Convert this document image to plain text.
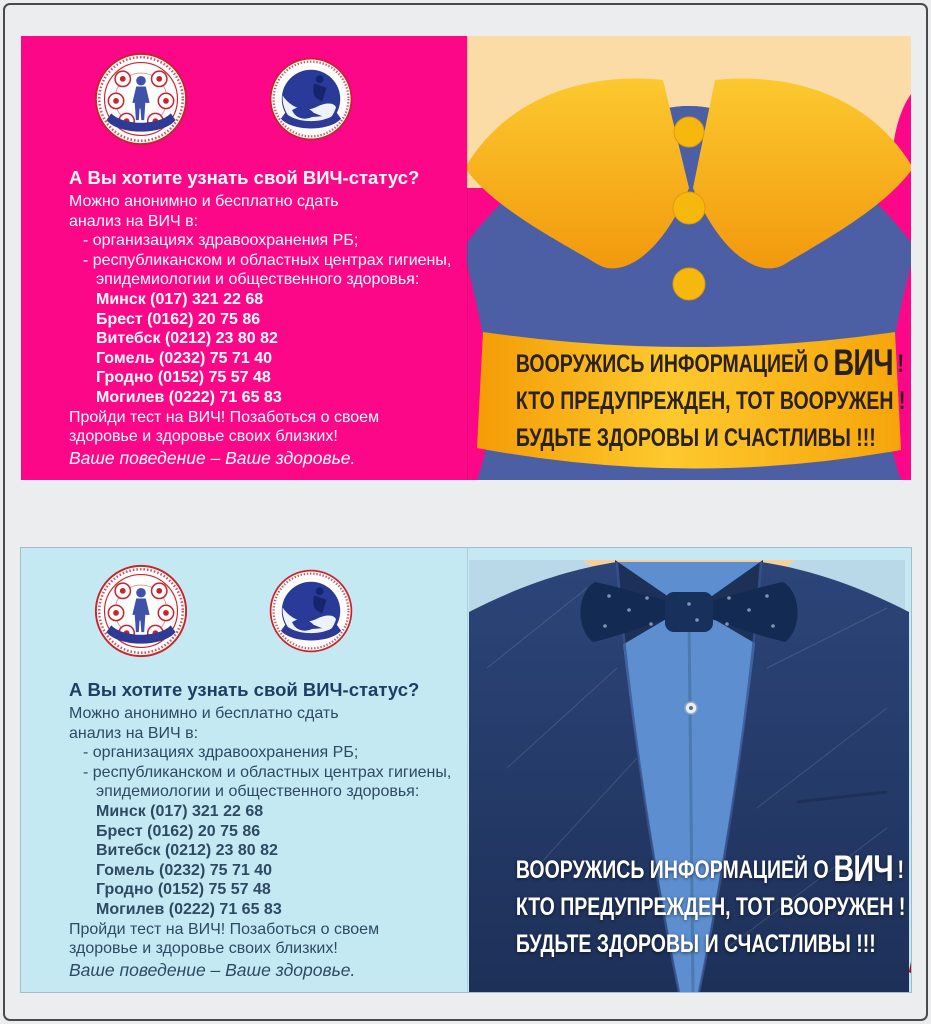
А Вы хотите узнать свой ВИЧ-статус?
Можно анонимно и бесплатно сдать
анализ на ВИЧ в:
- организациях здравоохранения РБ;
- республиканском и областных центрах гигиены,
эпидемиологии и общественного здоровья:
Минск (017) 321 22 68
Брест (0162) 20 75 86
Витебск (0212) 23 80 82
Гомель (0232) 75 71 40
Гродно (0152) 75 57 48
Могилев (0222) 71 65 83
Пройди тест на ВИЧ! Позаботься о своем
здоровье и здоровье своих близких!
Ваше поведение – Ваше здоровье.
ВООРУЖИСЬ ИНФОРМАЦИЕЙ О ВИЧ !
КТО ПРЕДУПРЕЖДЕН, ТОТ ВООРУЖЕН !
БУДЬТЕ ЗДОРОВЫ И СЧАСТЛИВЫ !!!
А Вы хотите узнать свой ВИЧ-статус?
Можно анонимно и бесплатно сдать
анализ на ВИЧ в:
- организациях здравоохранения РБ;
- республиканском и областных центрах гигиены,
эпидемиологии и общественного здоровья:
Минск (017) 321 22 68
Брест (0162) 20 75 86
Витебск (0212) 23 80 82
Гомель (0232) 75 71 40
Гродно (0152) 75 57 48
Могилев (0222) 71 65 83
Пройди тест на ВИЧ! Позаботься о своем
здоровье и здоровье своих близких!
Ваше поведение – Ваше здоровье.
ВООРУЖИСЬ ИНФОРМАЦИЕЙ О ВИЧ !
КТО ПРЕДУПРЕЖДЕН, ТОТ ВООРУЖЕН !
БУДЬТЕ ЗДОРОВЫ И СЧАСТЛИВЫ !!!
